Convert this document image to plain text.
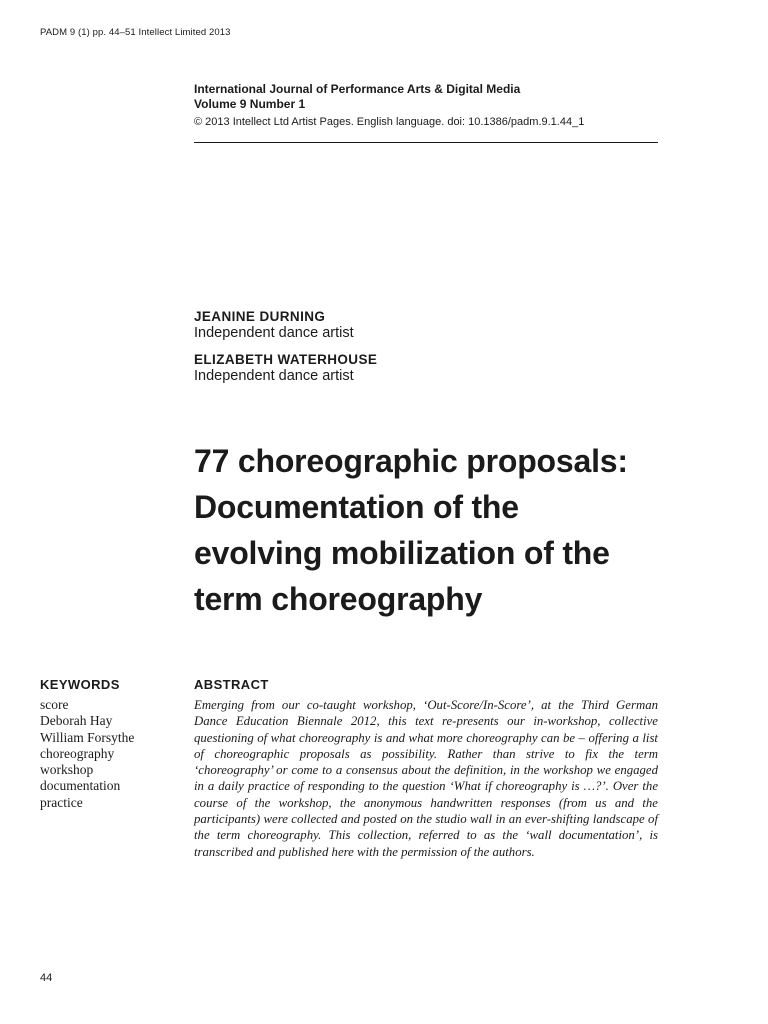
PADM 9 (1) pp. 44–51 Intellect Limited 2013
International Journal of Performance Arts & Digital Media
Volume 9 Number 1
© 2013 Intellect Ltd Artist Pages. English language. doi: 10.1386/padm.9.1.44_1
JEANINE DURNING
Independent dance artist
ELIZABETH WATERHOUSE
Independent dance artist
77 choreographic proposals:
Documentation of the
evolving mobilization of the
term choreography
KEYWORDS
score
Deborah Hay
William Forsythe
choreography
workshop
documentation
practice
ABSTRACT

Emerging from our co-taught workshop, ‘Out-Score/In-Score’, at the Third German Dance Education Biennale 2012, this text re-presents our in-workshop, collective questioning of what choreography is and what more choreography can be – offering a list of choreographic proposals as possibility. Rather than strive to fix the term ‘choreography’ or come to a consensus about the definition, in the workshop we engaged in a daily practice of responding to the question ‘What if choreography is …?’. Over the course of the workshop, the anonymous handwritten responses (from us and the participants) were collected and posted on the studio wall in an ever-shifting landscape of the term choreography. This collection, referred to as the ‘wall documentation’, is transcribed and published here with the permission of the authors.

44
